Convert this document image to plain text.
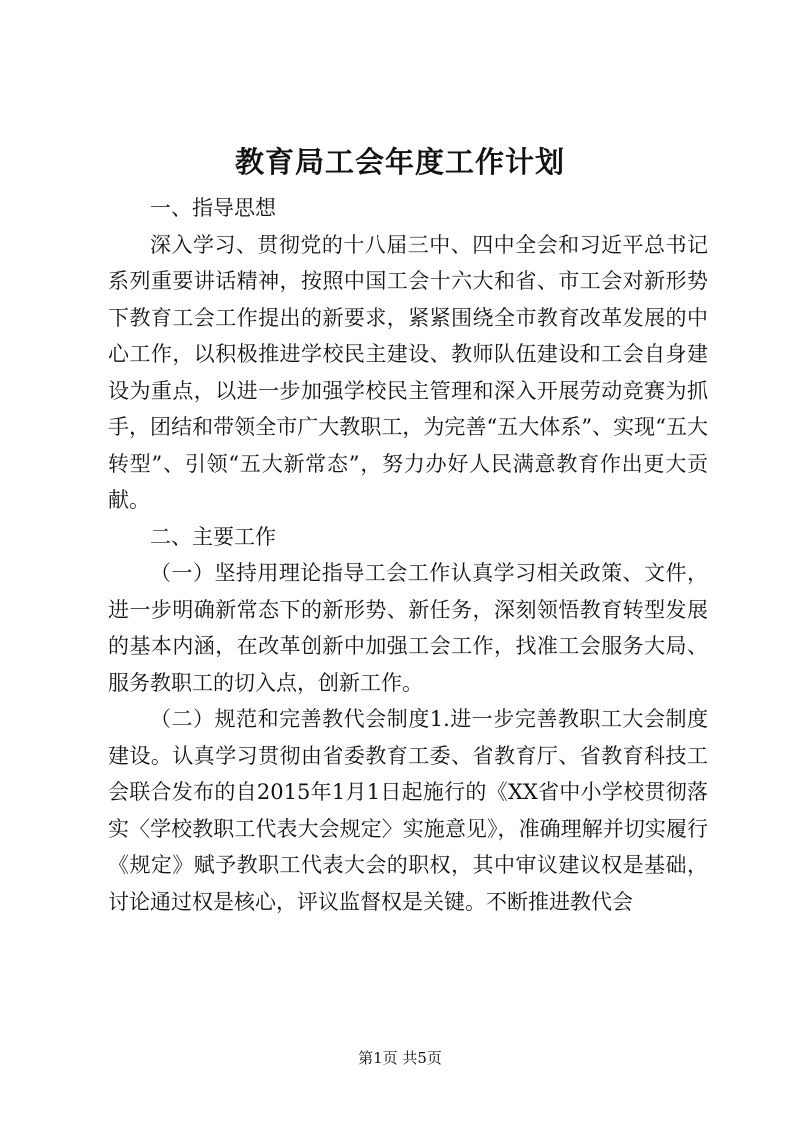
教育局工会年度工作计划

一、指导思想

深入学习、贯彻党的十八届三中、四中全会和习近平总书记系列重要讲话精神，按照中国工会十六大和省、市工会对新形势下教育工会工作提出的新要求，紧紧围绕全市教育改革发展的中心工作，以积极推进学校民主建设、教师队伍建设和工会自身建设为重点，以进一步加强学校民主管理和深入开展劳动竞赛为抓手，团结和带领全市广大教职工，为完善“五大体系”、实现“五大转型”、引领“五大新常态”，努力办好人民满意教育作出更大贡献。

二、主要工作

（一）坚持用理论指导工会工作认真学习相关政策、文件，进一步明确新常态下的新形势、新任务，深刻领悟教育转型发展的基本内涵，在改革创新中加强工会工作，找准工会服务大局、服务教职工的切入点，创新工作。

（二）规范和完善教代会制度1.进一步完善教职工大会制度建设。认真学习贯彻由省委教育工委、省教育厅、省教育科技工会联合发布的自2015年1月1日起施行的《XX省中小学校贯彻落实〈学校教职工代表大会规定〉实施意见》，准确理解并切实履行《规定》赋予教职工代表大会的职权，其中审议建议权是基础，讨论通过权是核心，评议监督权是关键。不断推进教代会

第1页 共5页
